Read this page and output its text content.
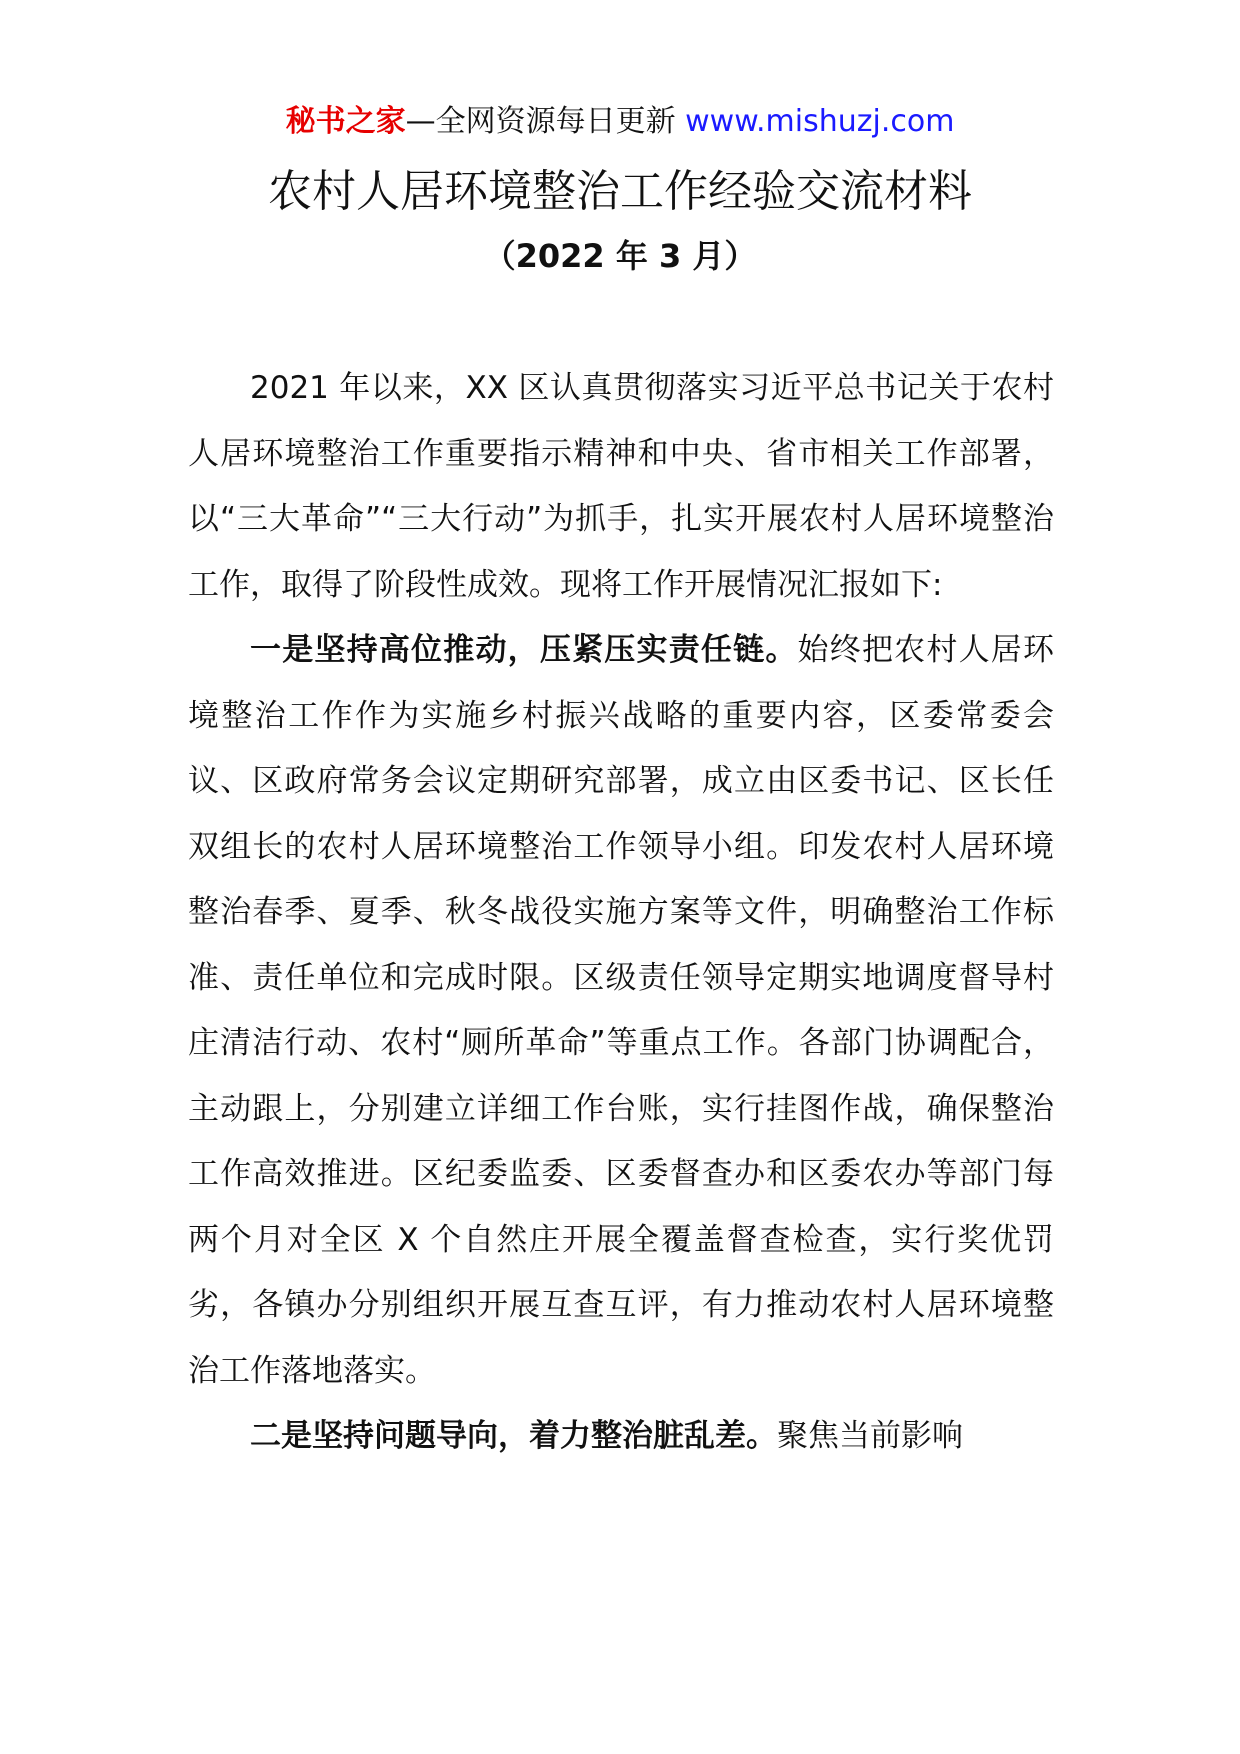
秘书之家—全网资源每日更新 www.mishuzj.com
农村人居环境整治工作经验交流材料
（2022 年 3 月）

2021 年以来，XX 区认真贯彻落实习近平总书记关于农村人居环境整治工作重要指示精神和中央、省市相关工作部署，以“三大革命”“三大行动”为抓手，扎实开展农村人居环境整治工作，取得了阶段性成效。现将工作开展情况汇报如下:

一是坚持高位推动，压紧压实责任链。始终把农村人居环境整治工作作为实施乡村振兴战略的重要内容，区委常委会议、区政府常务会议定期研究部署，成立由区委书记、区长任双组长的农村人居环境整治工作领导小组。印发农村人居环境整治春季、夏季、秋冬战役实施方案等文件，明确整治工作标准、责任单位和完成时限。区级责任领导定期实地调度督导村庄清洁行动、农村“厕所革命”等重点工作。各部门协调配合，主动跟上，分别建立详细工作台账，实行挂图作战，确保整治工作高效推进。区纪委监委、区委督查办和区委农办等部门每两个月对全区 X 个自然庄开展全覆盖督查检查，实行奖优罚劣，各镇办分别组织开展互查互评，有力推动农村人居环境整治工作落地落实。

二是坚持问题导向，着力整治脏乱差。聚焦当前影响
